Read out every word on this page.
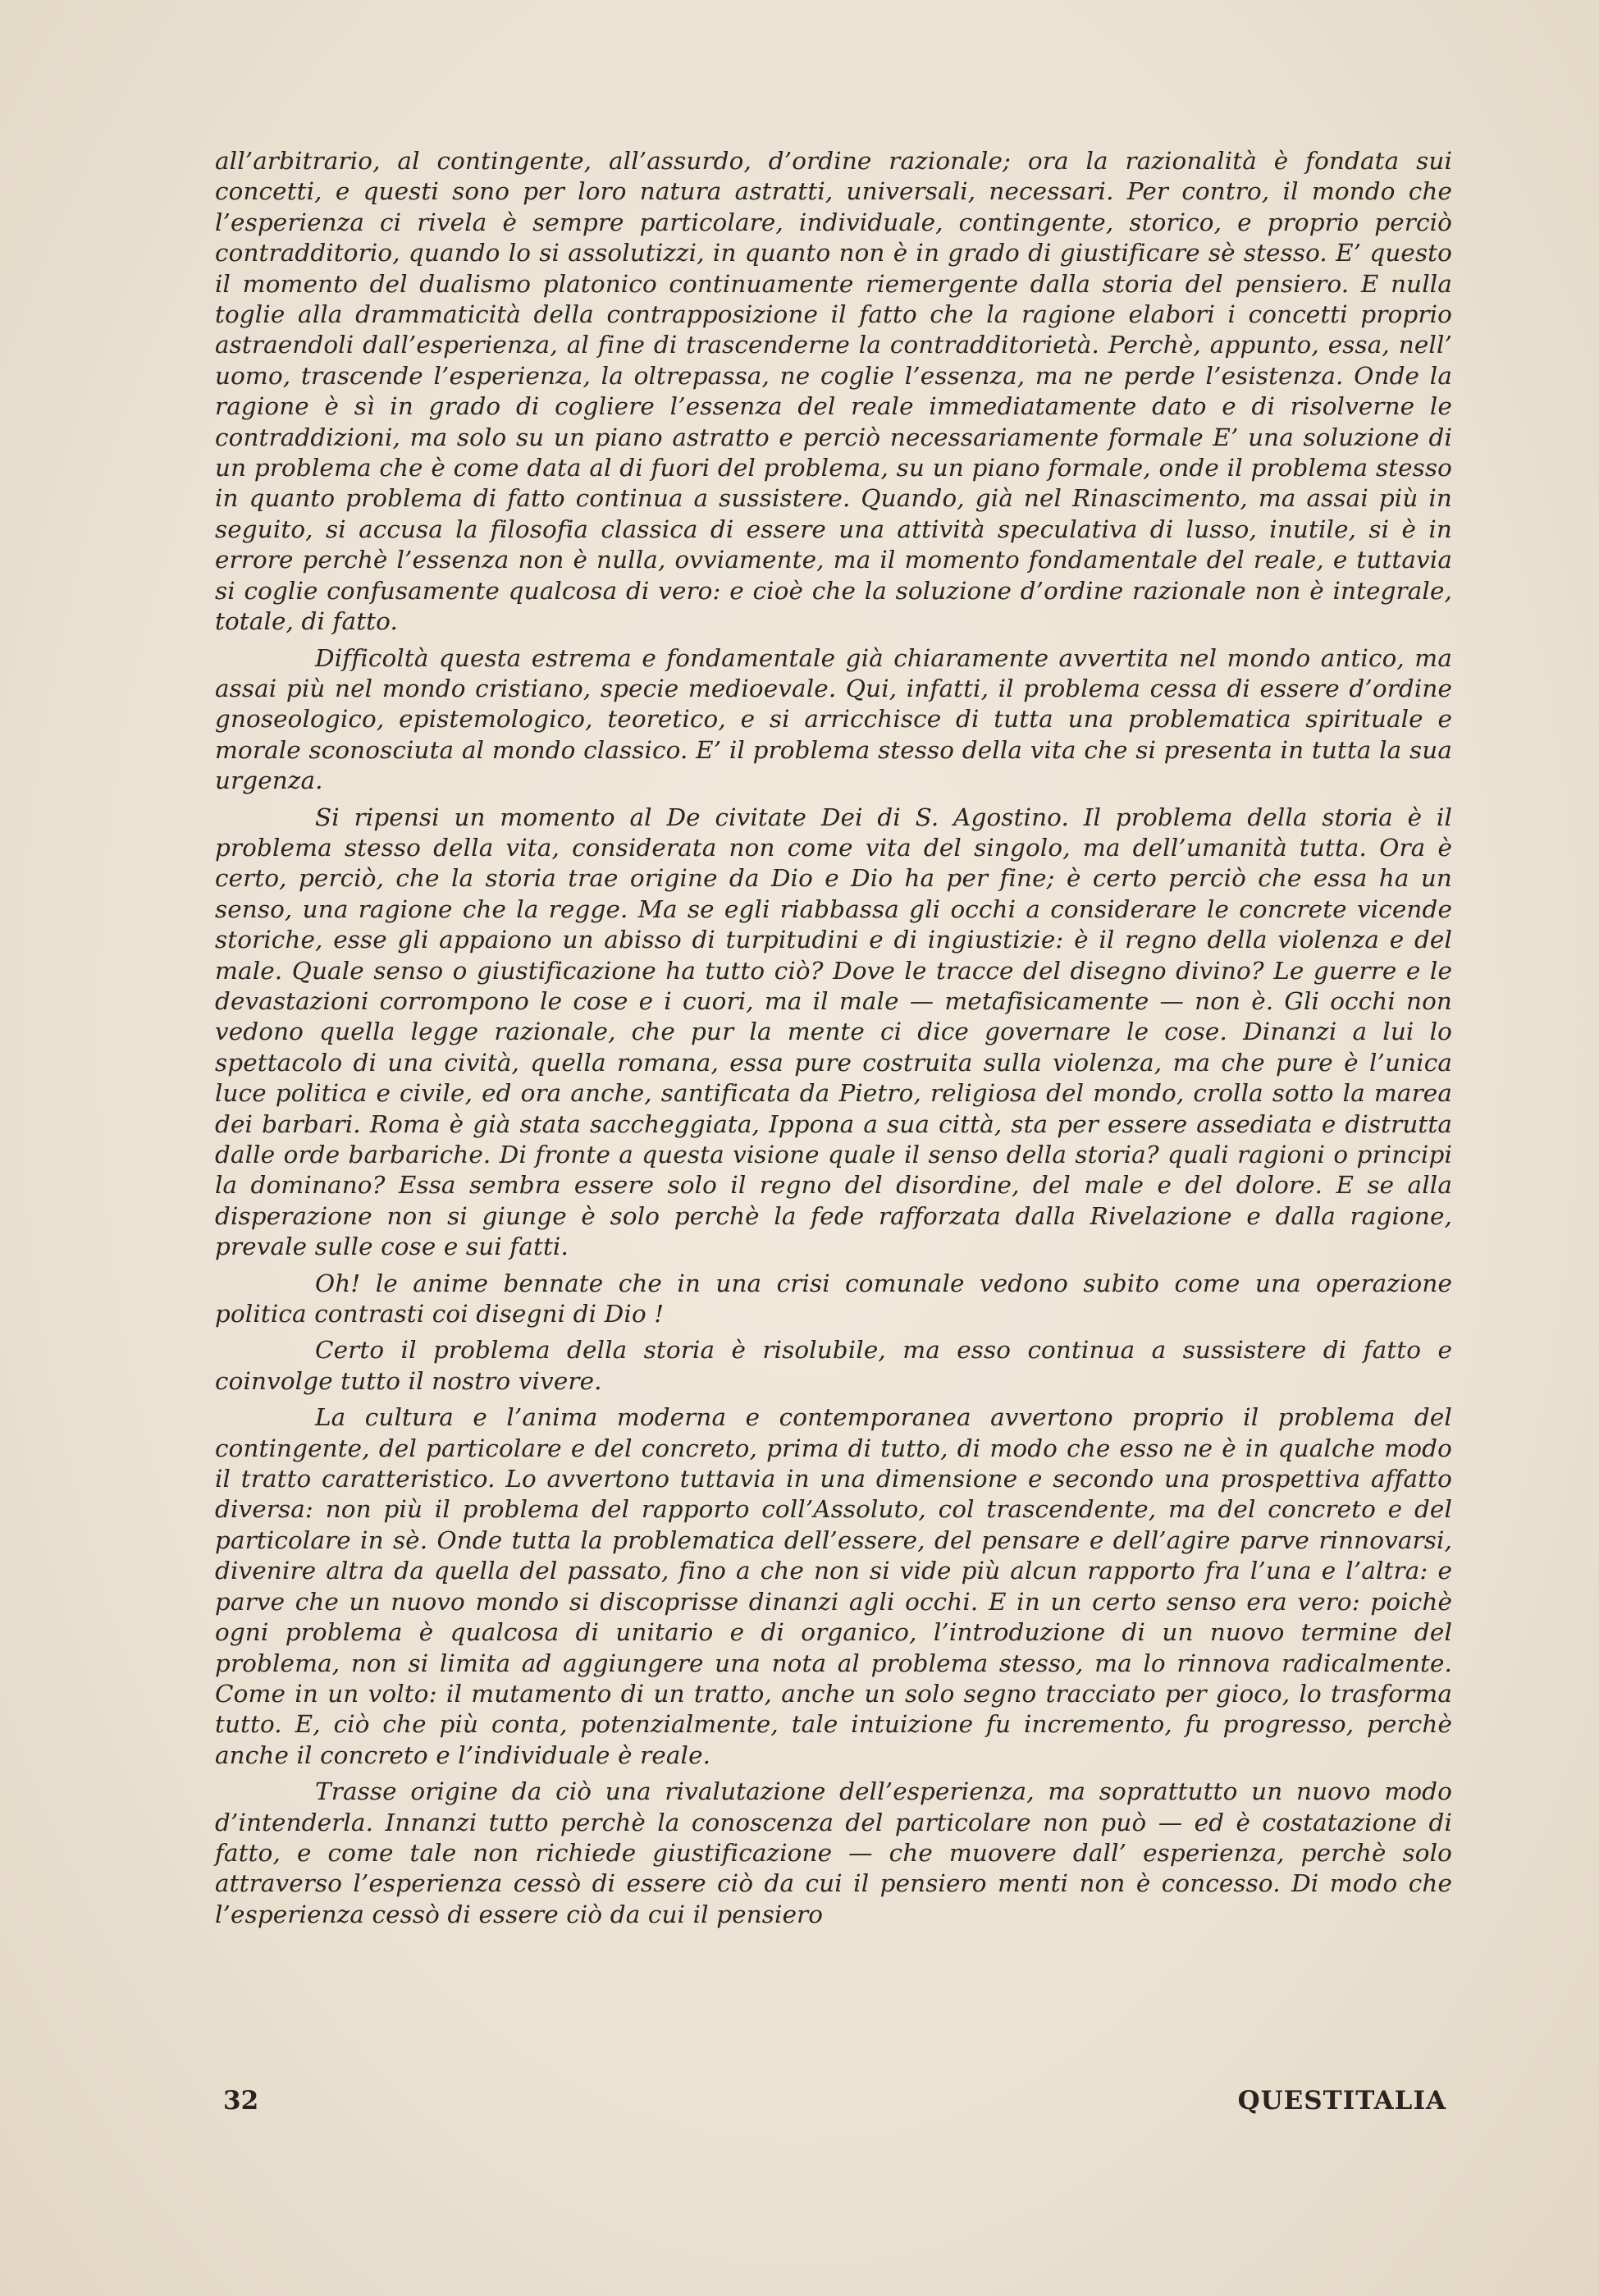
all’arbitrario, al contingente, all’assurdo, d’ordine razionale; ora la razionalità è fondata sui concetti, e questi sono per loro natura astratti, universali, necessari. Per contro, il mondo che l’esperienza ci rivela è sempre particolare, individuale, contingente, storico, e proprio perciò contradditorio, quando lo si assolutizzi, in quanto non è in grado di giustificare sè stesso. E’ questo il momento del dualismo platonico continuamente riemergente dalla storia del pensiero. E nulla toglie alla drammaticità della contrapposizione il fatto che la ragione elabori i concetti proprio astraendoli dall’esperienza, al fine di trascenderne la contradditorietà. Perchè, appunto, essa, nell’ uomo, trascende l’esperienza, la oltrepassa, ne coglie l’essenza, ma ne perde l’esistenza. Onde la ragione è sì in grado di cogliere l’essenza del reale immediatamente dato e di risolverne le contraddizioni, ma solo su un piano astratto e perciò necessariamente formale E’ una soluzione di un problema che è come data al di fuori del problema, su un piano formale, onde il problema stesso in quanto problema di fatto continua a sussistere. Quando, già nel Rinascimento, ma assai più in seguito, si accusa la filosofia classica di essere una attività speculativa di lusso, inutile, si è in errore perchè l’essenza non è nulla, ovviamente, ma il momento fondamentale del reale, e tuttavia si coglie confusamente qualcosa di vero: e cioè che la soluzione d’ordine razionale non è integrale, totale, di fatto.

Difficoltà questa estrema e fondamentale già chiaramente avvertita nel mondo antico, ma assai più nel mondo cristiano, specie medioevale. Qui, infatti, il problema cessa di essere d’ordine gnoseologico, epistemologico, teoretico, e si arricchisce di tutta una problematica spirituale e morale sconosciuta al mondo classico. E’ il problema stesso della vita che si presenta in tutta la sua urgenza.

Si ripensi un momento al De civitate Dei di S. Agostino. Il problema della storia è il problema stesso della vita, considerata non come vita del singolo, ma dell’umanità tutta. Ora è certo, perciò, che la storia trae origine da Dio e Dio ha per fine; è certo perciò che essa ha un senso, una ragione che la regge. Ma se egli riabbassa gli occhi a considerare le concrete vicende storiche, esse gli appaiono un abisso di turpitudini e di ingiustizie: è il regno della violenza e del male. Quale senso o giustificazione ha tutto ciò? Dove le tracce del disegno divino? Le guerre e le devastazioni corrompono le cose e i cuori, ma il male — metafisicamente — non è. Gli occhi non vedono quella legge razionale, che pur la mente ci dice governare le cose. Dinanzi a lui lo spettacolo di una cività, quella romana, essa pure costruita sulla violenza, ma che pure è l’unica luce politica e civile, ed ora anche, santificata da Pietro, religiosa del mondo, crolla sotto la marea dei barbari. Roma è già stata saccheggiata, Ippona a sua città, sta per essere assediata e distrutta dalle orde barbariche. Di fronte a questa visione quale il senso della storia? quali ragioni o principi la dominano? Essa sembra essere solo il regno del disordine, del male e del dolore. E se alla disperazione non si giunge è solo perchè la fede rafforzata dalla Rivelazione e dalla ragione, prevale sulle cose e sui fatti.

Oh! le anime bennate che in una crisi comunale vedono subito come una operazione politica contrasti coi disegni di Dio !

Certo il problema della storia è risolubile, ma esso continua a sussistere di fatto e coinvolge tutto il nostro vivere.

La cultura e l’anima moderna e contemporanea avvertono proprio il problema del contingente, del particolare e del concreto, prima di tutto, di modo che esso ne è in qualche modo il tratto caratteristico. Lo avvertono tuttavia in una dimensione e secondo una prospettiva affatto diversa: non più il problema del rapporto coll’Assoluto, col trascendente, ma del concreto e del particolare in sè. Onde tutta la problematica dell’essere, del pensare e dell’agire parve rinnovarsi, divenire altra da quella del passato, fino a che non si vide più alcun rapporto fra l’una e l’altra: e parve che un nuovo mondo si discoprisse dinanzi agli occhi. E in un certo senso era vero: poichè ogni problema è qualcosa di unitario e di organico, l’introduzione di un nuovo termine del problema, non si limita ad aggiungere una nota al problema stesso, ma lo rinnova radicalmente. Come in un volto: il mutamento di un tratto, anche un solo segno tracciato per gioco, lo trasforma tutto. E, ciò che più conta, potenzialmente, tale intuizione fu incremento, fu progresso, perchè anche il concreto e l’individuale è reale.

Trasse origine da ciò una rivalutazione dell’esperienza, ma soprattutto un nuovo modo d’intenderla. Innanzi tutto perchè la conoscenza del particolare non può — ed è costatazione di fatto, e come tale non richiede giustificazione — che muovere dall’ esperienza, perchè solo attraverso l’esperienza cessò di essere ciò da cui il pensiero menti non è concesso. Di modo che l’esperienza cessò di essere ciò da cui il pensiero

32	QUESTITALIA
